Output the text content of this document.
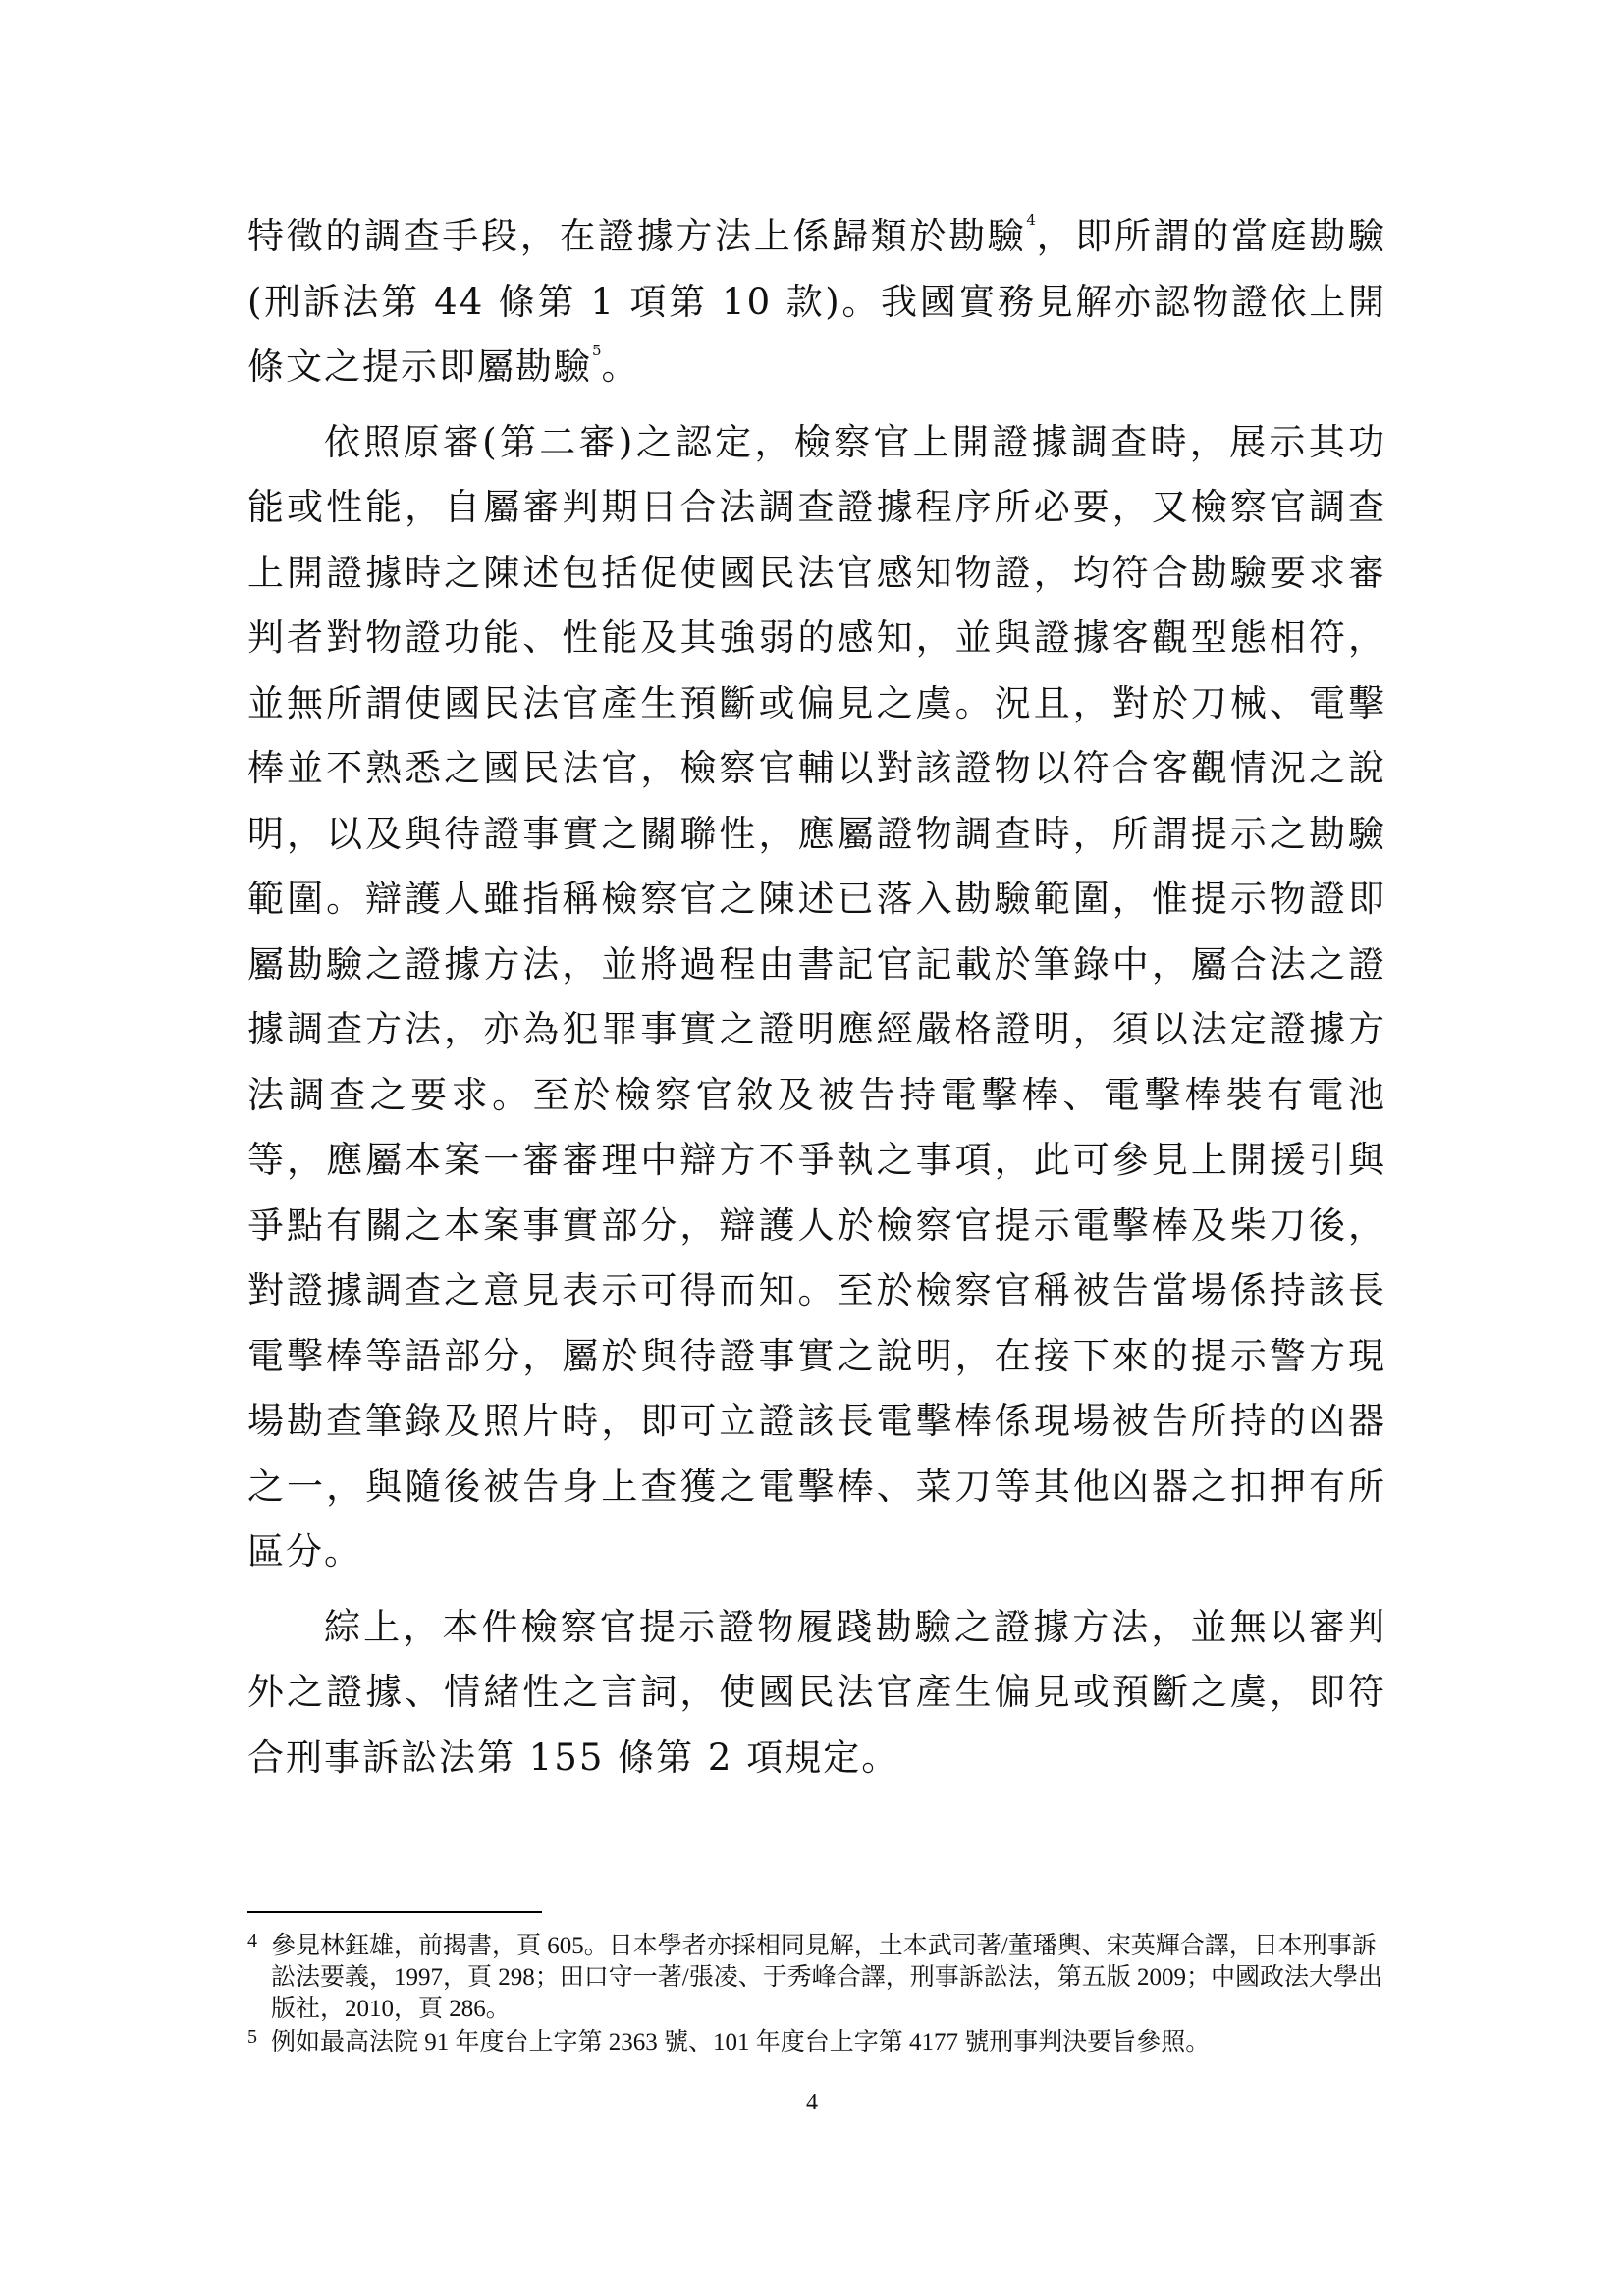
特徵的調查手段，在證據方法上係歸類於勘驗$^4$，即所謂的當庭勘驗(刑訴法第 44 條第 1 項第 10 款)。我國實務見解亦認物證依上開條文之提示即屬勘驗$^5$。

依照原審(第二審)之認定，檢察官上開證據調查時，展示其功能或性能，自屬審判期日合法調查證據程序所必要，又檢察官調查上開證據時之陳述包括促使國民法官感知物證，均符合勘驗要求審判者對物證功能、性能及其強弱的感知，並與證據客觀型態相符，並無所謂使國民法官產生預斷或偏見之虞。況且，對於刀械、電擊棒並不熟悉之國民法官，檢察官輔以對該證物以符合客觀情況之說明，以及與待證事實之關聯性，應屬證物調查時，所謂提示之勘驗範圍。辯護人雖指稱檢察官之陳述已落入勘驗範圍，惟提示物證即屬勘驗之證據方法，並將過程由書記官記載於筆錄中，屬合法之證據調查方法，亦為犯罪事實之證明應經嚴格證明，須以法定證據方法調查之要求。至於檢察官敘及被告持電擊棒、電擊棒裝有電池等，應屬本案一審審理中辯方不爭執之事項，此可參見上開援引與爭點有關之本案事實部分，辯護人於檢察官提示電擊棒及柴刀後，對證據調查之意見表示可得而知。至於檢察官稱被告當場係持該長電擊棒等語部分，屬於與待證事實之說明，在接下來的提示警方現場勘查筆錄及照片時，即可立證該長電擊棒係現場被告所持的凶器之一，與隨後被告身上查獲之電擊棒、菜刀等其他凶器之扣押有所區分。

綜上，本件檢察官提示證物履踐勘驗之證據方法，並無以審判外之證據、情緒性之言詞，使國民法官產生偏見或預斷之虞，即符合刑事訴訟法第 155 條第 2 項規定。

4 參見林鈺雄，前揭書，頁 605。日本學者亦採相同見解，土本武司著/董璠輿、宋英輝合譯，日本刑事訴訟法要義，1997，頁 298；田口守一著/張凌、于秀峰合譯，刑事訴訟法，第五版 2009；中國政法大學出版社，2010，頁 286。
5 例如最高法院 91 年度台上字第 2363 號、101 年度台上字第 4177 號刑事判決要旨參照。
4
